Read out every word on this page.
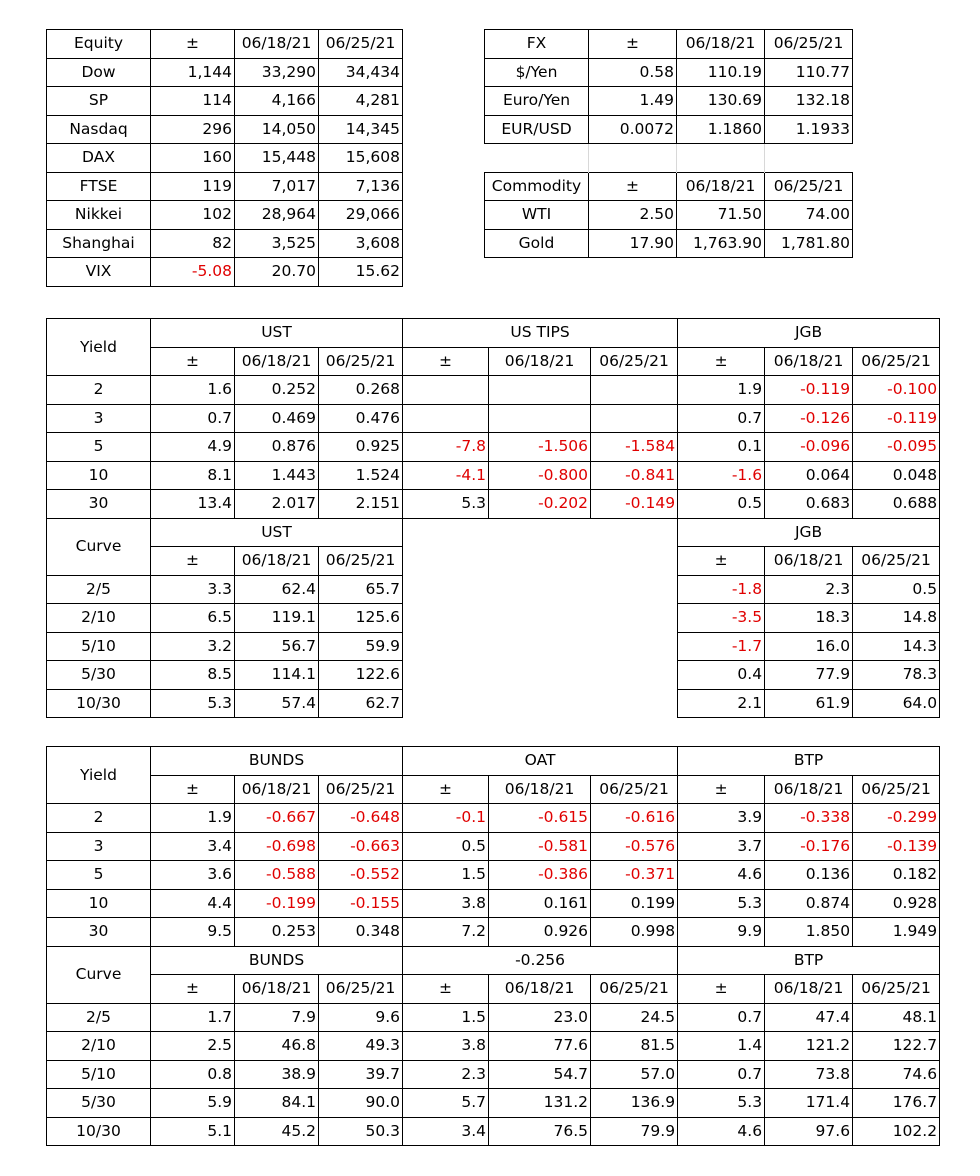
Equity	±	06/18/21	06/25/21
Dow	1,144	33,290	34,434
SP	114	4,166	4,281
Nasdaq	296	14,050	14,345
DAX	160	15,448	15,608
FTSE	119	7,017	7,136
Nikkei	102	28,964	29,066
Shanghai	82	3,525	3,608
VIX	-5.08	20.70	15.62
FX	±	06/18/21	06/25/21
$/Yen	0.58	110.19	110.77
Euro/Yen	1.49	130.69	132.18
EUR/USD	0.0072	1.1860	1.1933

Commodity	±	06/18/21	06/25/21
WTI	2.50	71.50	74.00
Gold	17.90	1,763.90	1,781.80
Yield	UST			US TIPS			JGB		
	±	06/18/21	06/25/21	±	06/18/21	06/25/21	±	06/18/21	06/25/21
2	1.6	0.252	0.268				1.9	-0.119	-0.100
3	0.7	0.469	0.476				0.7	-0.126	-0.119
5	4.9	0.876	0.925	-7.8	-1.506	-1.584	0.1	-0.096	-0.095
10	8.1	1.443	1.524	-4.1	-0.800	-0.841	-1.6	0.064	0.048
30	13.4	2.017	2.151	5.3	-0.202	-0.149	0.5	0.683	0.688
Curve	UST						JGB		
	±	06/18/21	06/25/21				±	06/18/21	06/25/21
2/5	3.3	62.4	65.7				-1.8	2.3	0.5
2/10	6.5	119.1	125.6				-3.5	18.3	14.8
5/10	3.2	56.7	59.9				-1.7	16.0	14.3
5/30	8.5	114.1	122.6				0.4	77.9	78.3
10/30	5.3	57.4	62.7				2.1	61.9	64.0
Yield	BUNDS			OAT			BTP		
	±	06/18/21	06/25/21	±	06/18/21	06/25/21	±	06/18/21	06/25/21
2	1.9	-0.667	-0.648	-0.1	-0.615	-0.616	3.9	-0.338	-0.299
3	3.4	-0.698	-0.663	0.5	-0.581	-0.576	3.7	-0.176	-0.139
5	3.6	-0.588	-0.552	1.5	-0.386	-0.371	4.6	0.136	0.182
10	4.4	-0.199	-0.155	3.8	0.161	0.199	5.3	0.874	0.928
30	9.5	0.253	0.348	7.2	0.926	0.998	9.9	1.850	1.949
Curve	BUNDS			-0.256			BTP		
	±	06/18/21	06/25/21	±	06/18/21	06/25/21	±	06/18/21	06/25/21
2/5	1.7	7.9	9.6	1.5	23.0	24.5	0.7	47.4	48.1
2/10	2.5	46.8	49.3	3.8	77.6	81.5	1.4	121.2	122.7
5/10	0.8	38.9	39.7	2.3	54.7	57.0	0.7	73.8	74.6
5/30	5.9	84.1	90.0	5.7	131.2	136.9	5.3	171.4	176.7
10/30	5.1	45.2	50.3	3.4	76.5	79.9	4.6	97.6	102.2
